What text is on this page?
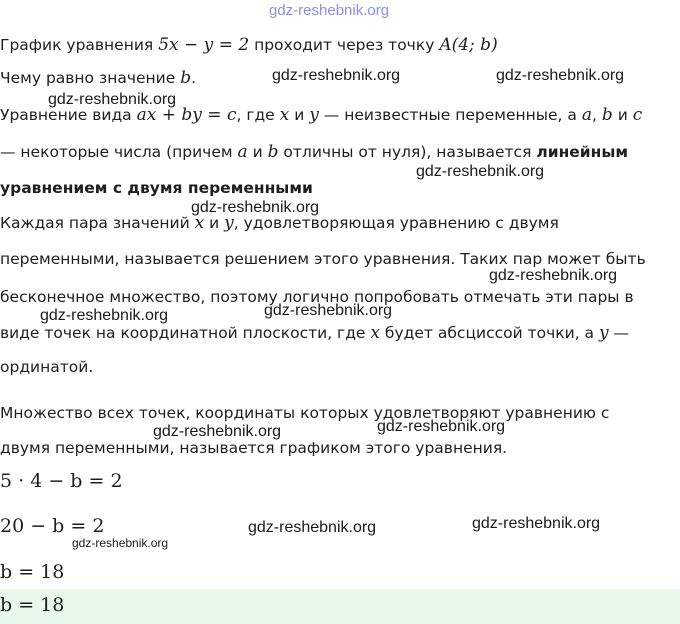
gdz-reshebnik.org
График уравнения 5x − y = 2 проходит через точку A(4; b)
Чему равно значение b.
Уравнение вида ax + by = c, где x и y — неизвестные переменные, а a, b и c
— некоторые числа (причем a и b отличны от нуля), называется линейным
уравнением с двумя переменными
Каждая пара значений x и y, удовлетворяющая уравнению с двумя
переменными, называется решением этого уравнения. Таких пар может быть
бесконечное множество, поэтому логично попробовать отмечать эти пары в
виде точек на координатной плоскости, где x будет абсциссой точки, а y —
ординатой.
Множество всех точек, координаты которых удовлетворяют уравнению с
двумя переменными, называется графиком этого уравнения.
5 · 4 − b = 2
20 − b = 2
b = 18
b = 18
gdz-reshebnik.org	gdz-reshebnik.org
gdz-reshebnik.org
gdz-reshebnik.org
gdz-reshebnik.org
gdz-reshebnik.org
gdz-reshebnik.org	gdz-reshebnik.org
gdz-reshebnik.org	gdz-reshebnik.org
gdz-reshebnik.org	gdz-reshebnik.org
gdz-reshebnik.org
